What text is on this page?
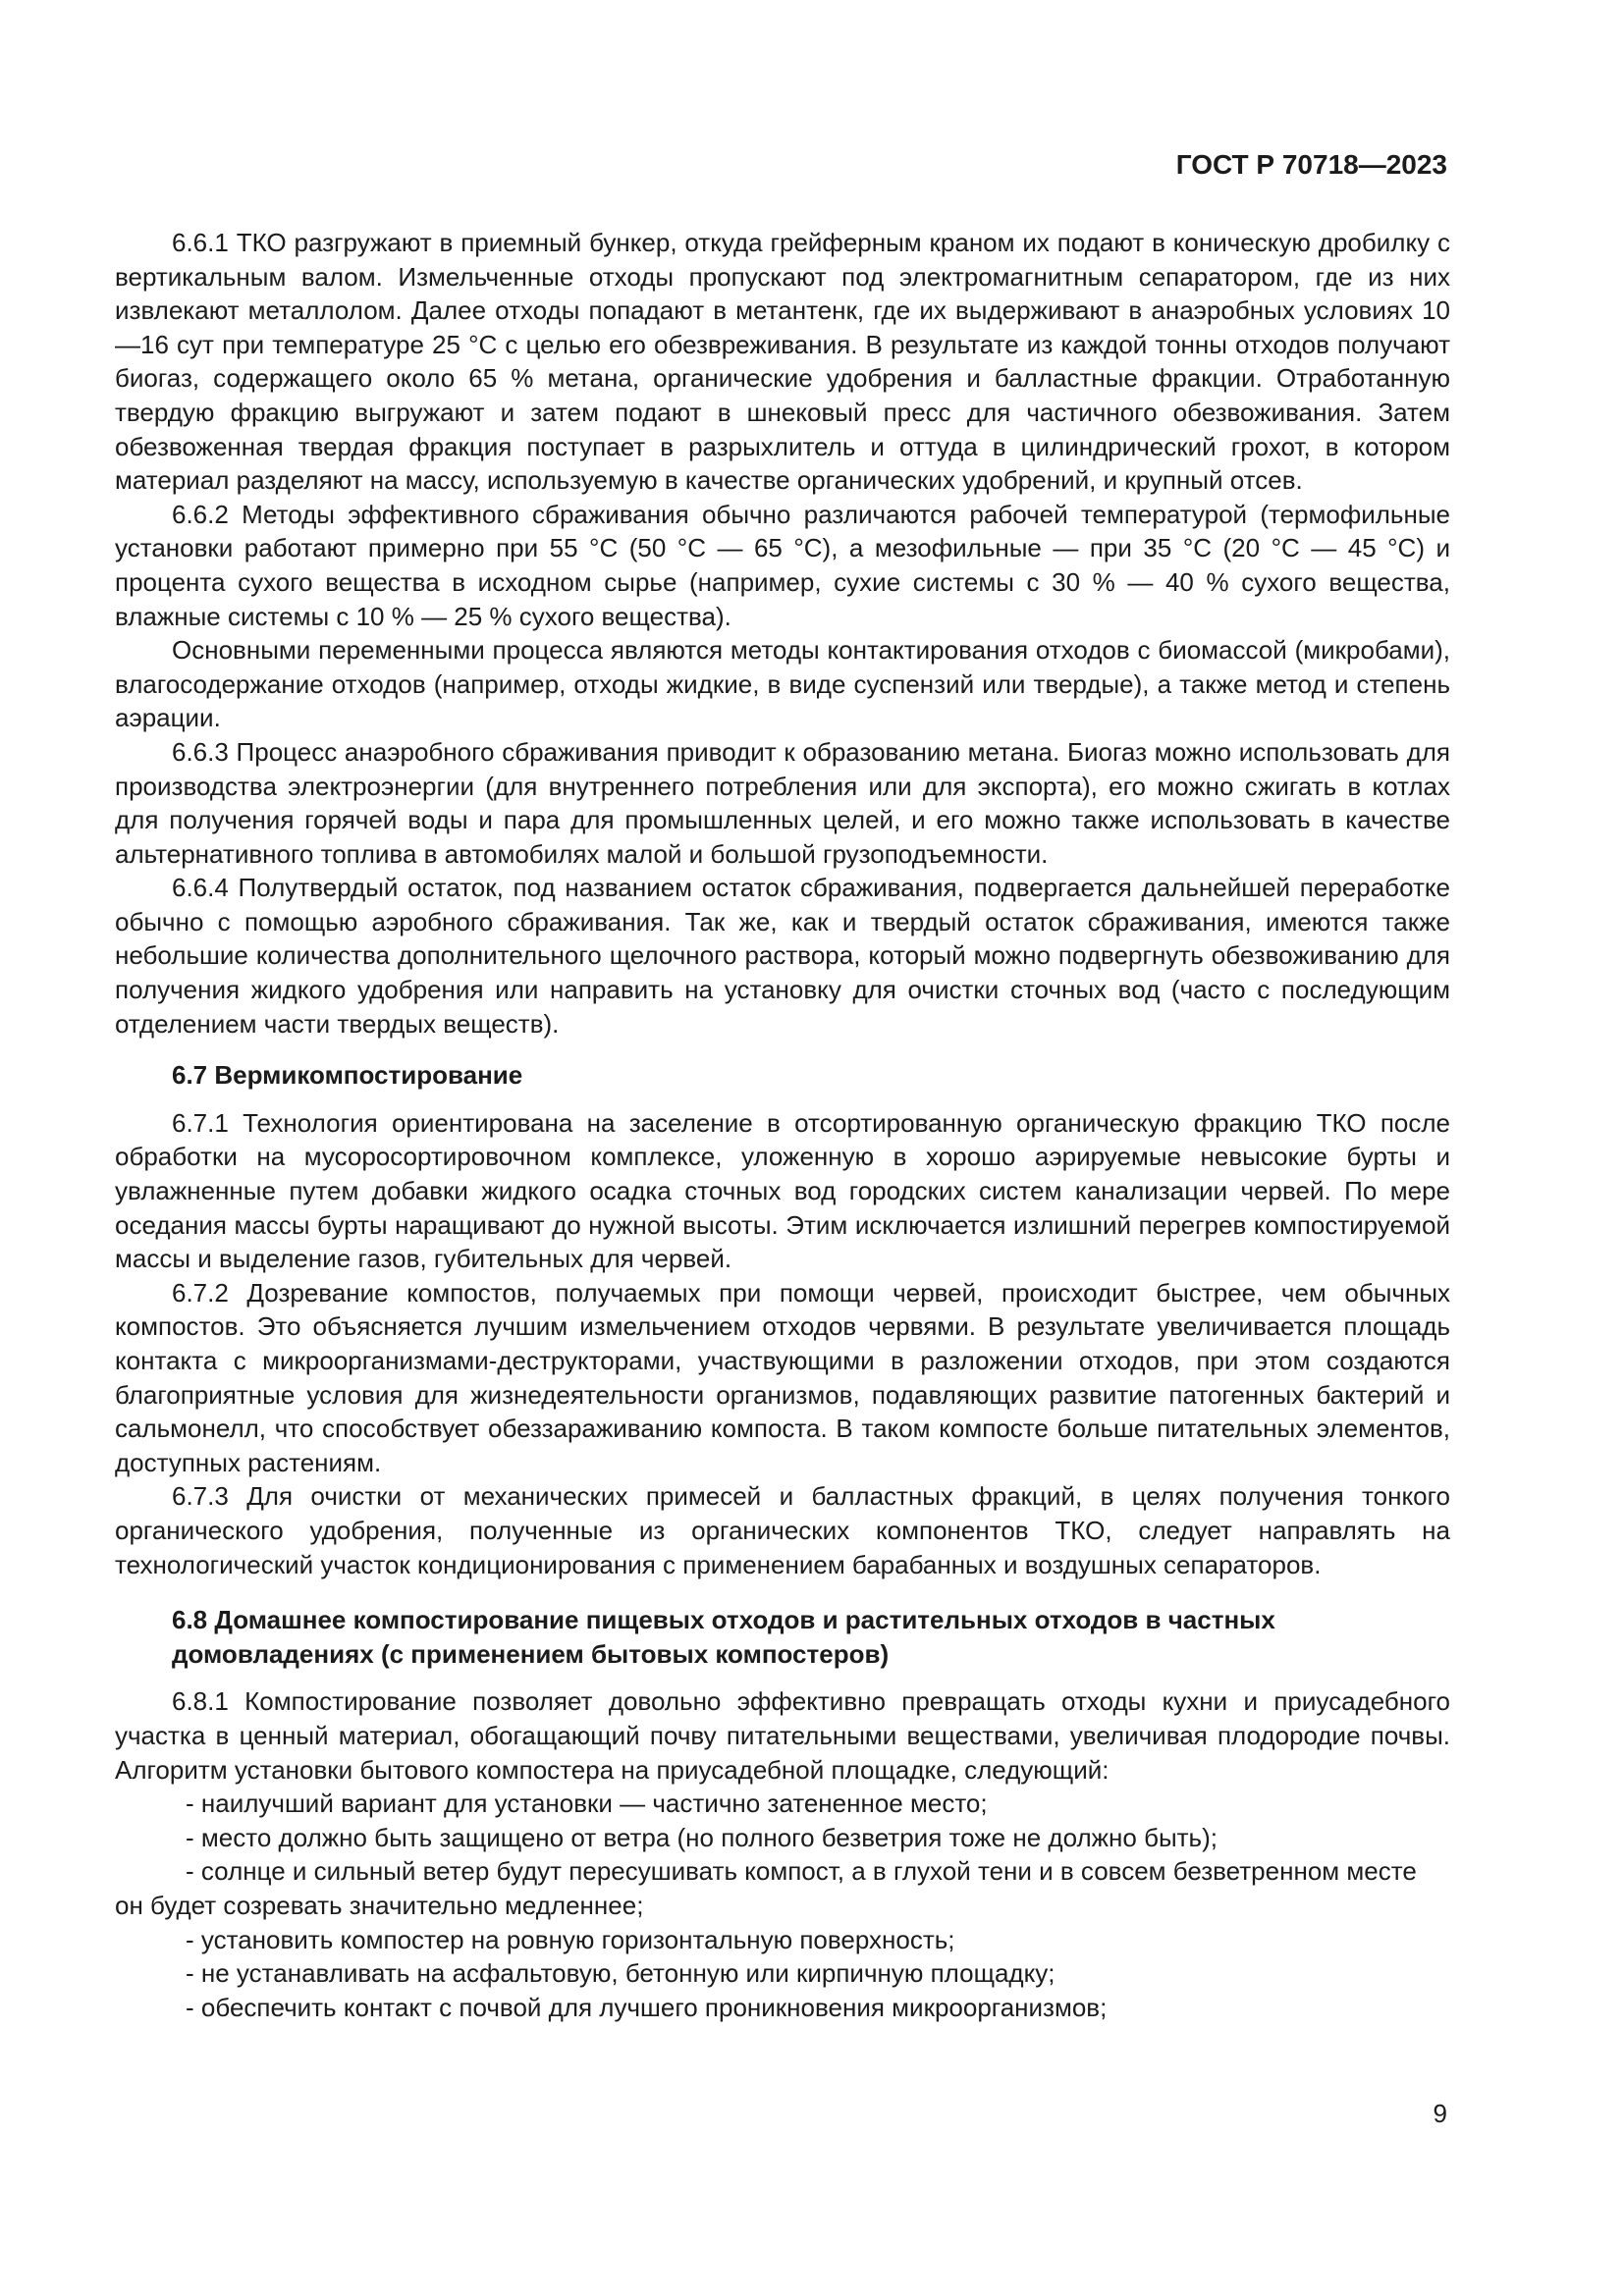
ГОСТ Р 70718—2023

6.6.1 ТКО разгружают в приемный бункер, откуда грейферным краном их подают в коническую дробилку с вертикальным валом. Измельченные отходы пропускают под электромагнитным сепаратором, где из них извлекают металлолом. Далее отходы попадают в метантенк, где их выдерживают в анаэробных условиях 10—16 сут при температуре 25 °С с целью его обезвреживания. В результате из каждой тонны отходов получают биогаз, содержащего около 65 % метана, органические удобрения и балластные фракции. Отработанную твердую фракцию выгружают и затем подают в шнековый пресс для частичного обезвоживания. Затем обезвоженная твердая фракция поступает в разрыхлитель и оттуда в цилиндрический грохот, в котором материал разделяют на массу, используемую в качестве органических удобрений, и крупный отсев.

6.6.2 Методы эффективного сбраживания обычно различаются рабочей температурой (термофильные установки работают примерно при 55 °С (50 °С — 65 °С), а мезофильные — при 35 °С (20 °С — 45 °С) и процента сухого вещества в исходном сырье (например, сухие системы с 30 % — 40 % сухого вещества, влажные системы с 10 % — 25 % сухого вещества).

Основными переменными процесса являются методы контактирования отходов с биомассой (микробами), влагосодержание отходов (например, отходы жидкие, в виде суспензий или твердые), а также метод и степень аэрации.

6.6.3 Процесс анаэробного сбраживания приводит к образованию метана. Биогаз можно использовать для производства электроэнергии (для внутреннего потребления или для экспорта), его можно сжигать в котлах для получения горячей воды и пара для промышленных целей, и его можно также использовать в качестве альтернативного топлива в автомобилях малой и большой грузоподъемности.

6.6.4 Полутвердый остаток, под названием остаток сбраживания, подвергается дальнейшей переработке обычно с помощью аэробного сбраживания. Так же, как и твердый остаток сбраживания, имеются также небольшие количества дополнительного щелочного раствора, который можно подвергнуть обезвоживанию для получения жидкого удобрения или направить на установку для очистки сточных вод (часто с последующим отделением части твердых веществ).

6.7 Вермикомпостирование

6.7.1 Технология ориентирована на заселение в отсортированную органическую фракцию ТКО после обработки на мусоросортировочном комплексе, уложенную в хорошо аэрируемые невысокие бурты и увлажненные путем добавки жидкого осадка сточных вод городских систем канализации червей. По мере оседания массы бурты наращивают до нужной высоты. Этим исключается излишний перегрев компостируемой массы и выделение газов, губительных для червей.

6.7.2 Дозревание компостов, получаемых при помощи червей, происходит быстрее, чем обычных компостов. Это объясняется лучшим измельчением отходов червями. В результате увеличивается площадь контакта с микроорганизмами-деструкторами, участвующими в разложении отходов, при этом создаются благоприятные условия для жизнедеятельности организмов, подавляющих развитие патогенных бактерий и сальмонелл, что способствует обеззараживанию компоста. В таком компосте больше питательных элементов, доступных растениям.

6.7.3 Для очистки от механических примесей и балластных фракций, в целях получения тонкого органического удобрения, полученные из органических компонентов ТКО, следует направлять на технологический участок кондиционирования с применением барабанных и воздушных сепараторов.

6.8 Домашнее компостирование пищевых отходов и растительных отходов в частных домовладениях (с применением бытовых компостеров)

6.8.1 Компостирование позволяет довольно эффективно превращать отходы кухни и приусадебного участка в ценный материал, обогащающий почву питательными веществами, увеличивая плодородие почвы. Алгоритм установки бытового компостера на приусадебной площадке, следующий:

- наилучший вариант для установки — частично затененное место;

- место должно быть защищено от ветра (но полного безветрия тоже не должно быть);

- солнце и сильный ветер будут пересушивать компост, а в глухой тени и в совсем безветренном месте он будет созревать значительно медленнее;

- установить компостер на ровную горизонтальную поверхность;

- не устанавливать на асфальтовую, бетонную или кирпичную площадку;

- обеспечить контакт с почвой для лучшего проникновения микроорганизмов;

9
